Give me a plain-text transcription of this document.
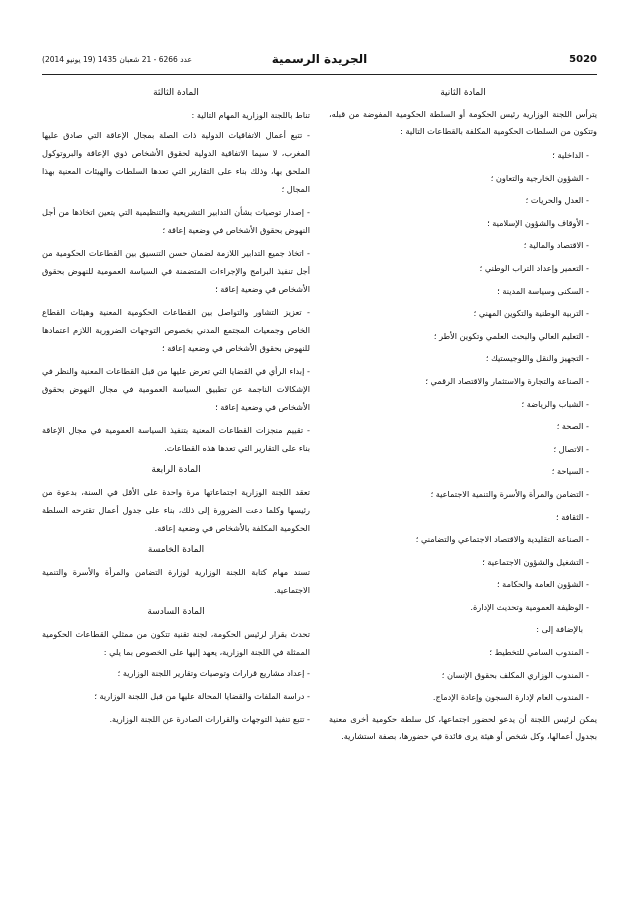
5020
الجريدة الرسمية
عدد 6266 - 21 شعبان 1435 (19 يونيو 2014)
المادة الثانية

يترأس اللجنة الوزارية رئيس الحكومة أو السلطة الحكومية المفوضة من قبله، وتتكون من السلطات الحكومية المكلفة بالقطاعات التالية :

- الداخلية ؛
- الشؤون الخارجية والتعاون ؛
- العدل والحريات ؛
- الأوقاف والشؤون الإسلامية ؛
- الاقتصاد والمالية ؛
- التعمير وإعداد التراب الوطني ؛
- السكنى وسياسة المدينة ؛
- التربية الوطنية والتكوين المهني ؛
- التعليم العالي والبحث العلمي وتكوين الأطر ؛
- التجهيز والنقل واللوجيستيك ؛
- الصناعة والتجارة والاستثمار والاقتصاد الرقمي ؛
- الشباب والرياضة ؛
- الصحة ؛
- الاتصال ؛
- السياحة ؛
- التضامن والمرأة والأسرة والتنمية الاجتماعية ؛
- الثقافة ؛
- الصناعة التقليدية والاقتصاد الاجتماعي والتضامني ؛
- التشغيل والشؤون الاجتماعية ؛
- الشؤون العامة والحكامة ؛
- الوظيفة العمومية وتحديث الإدارة.
بالإضافة إلى :
- المندوب السامي للتخطيط ؛
- المندوب الوزاري المكلف بحقوق الإنسان ؛
- المندوب العام لإدارة السجون وإعادة الإدماج.

يمكن لرئيس اللجنة أن يدعو لحضور اجتماعها، كل سلطة حكومية أخرى معنية بجدول أعمالها، وكل شخص أو هيئة يرى فائدة في حضورها، بصفة استشارية.

المادة الثالثة

تناط باللجنة الوزارية المهام التالية :

- تتبع أعمال الاتفاقيات الدولية ذات الصلة بمجال الإعاقة التي صادق عليها المغرب، لا سيما الاتفاقية الدولية لحقوق الأشخاص ذوي الإعاقة والبروتوكول الملحق بها، وذلك بناء على التقارير التي تعدها السلطات والهيئات المعنية بهذا المجال ؛

- إصدار توصيات بشأن التدابير التشريعية والتنظيمية التي يتعين اتخاذها من أجل النهوض بحقوق الأشخاص في وضعية إعاقة ؛

- اتخاذ جميع التدابير اللازمة لضمان حسن التنسيق بين القطاعات الحكومية من أجل تنفيذ البرامج والإجراءات المتضمنة في السياسة العمومية للنهوض بحقوق الأشخاص في وضعية إعاقة ؛

- تعزيز التشاور والتواصل بين القطاعات الحكومية المعنية وهيئات القطاع الخاص وجمعيات المجتمع المدني بخصوص التوجهات الضرورية اللازم اعتمادها للنهوض بحقوق الأشخاص في وضعية إعاقة ؛

- إبداء الرأي في القضايا التي تعرض عليها من قبل القطاعات المعنية والنظر في الإشكالات الناجمة عن تطبيق السياسة العمومية في مجال النهوض بحقوق الأشخاص في وضعية إعاقة ؛

- تقييم منجزات القطاعات المعنية بتنفيذ السياسة العمومية في مجال الإعاقة بناء على التقارير التي تعدها هذه القطاعات.

المادة الرابعة

تعقد اللجنة الوزارية اجتماعاتها مرة واحدة على الأقل في السنة، بدعوة من رئيسها وكلما دعت الضرورة إلى ذلك، بناء على جدول أعمال تقترحه السلطة الحكومية المكلفة بالأشخاص في وضعية إعاقة.

المادة الخامسة

تسند مهام كتابة اللجنة الوزارية لوزارة التضامن والمرأة والأسرة والتنمية الاجتماعية.

المادة السادسة

تحدث بقرار لرئيس الحكومة، لجنة تقنية تتكون من ممثلي القطاعات الحكومية الممثلة في اللجنة الوزارية، يعهد إليها على الخصوص بما يلي :

- إعداد مشاريع قرارات وتوصيات وتقارير اللجنة الوزارية ؛

- دراسة الملفات والقضايا المحالة عليها من قبل اللجنة الوزارية ؛

- تتبع تنفيذ التوجهات والقرارات الصادرة عن اللجنة الوزارية.
